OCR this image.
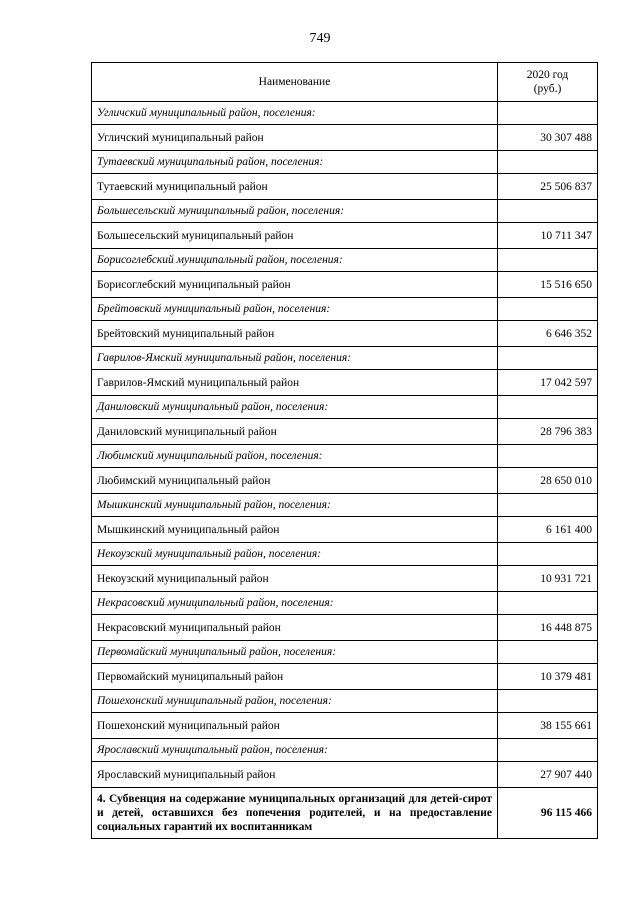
749
Наименование	2020 год
(руб.)
Угличский муниципальный район, поселения:	
Угличский муниципальный район	30 307 488
Тутаевский муниципальный район, поселения:	
Тутаевский муниципальный район	25 506 837
Большесельский муниципальный район, поселения:	
Большесельский муниципальный район	10 711 347
Борисоглебский муниципальный район, поселения:	
Борисоглебский муниципальный район	15 516 650
Брейтовский муниципальный район, поселения:	
Брейтовский муниципальный район	6 646 352
Гаврилов-Ямский муниципальный район, поселения:	
Гаврилов-Ямский муниципальный район	17 042 597
Даниловский муниципальный район, поселения:	
Даниловский муниципальный район	28 796 383
Любимский муниципальный район, поселения:	
Любимский муниципальный район	28 650 010
Мышкинский муниципальный район, поселения:	
Мышкинский муниципальный район	6 161 400
Некоузский муниципальный район, поселения:	
Некоузский муниципальный район	10 931 721
Некрасовский муниципальный район, поселения:	
Некрасовский муниципальный район	16 448 875
Первомайский муниципальный район, поселения:	
Первомайский муниципальный район	10 379 481
Пошехонский муниципальный район, поселения:	
Пошехонский муниципальный район	38 155 661
Ярославский муниципальный район, поселения:	
Ярославский муниципальный район	27 907 440
4. Субвенция на содержание муниципальных организаций для детей-сирот и детей, оставшихся без попечения родителей, и на предоставление социальных гарантий их воспитанникам	96 115 466
